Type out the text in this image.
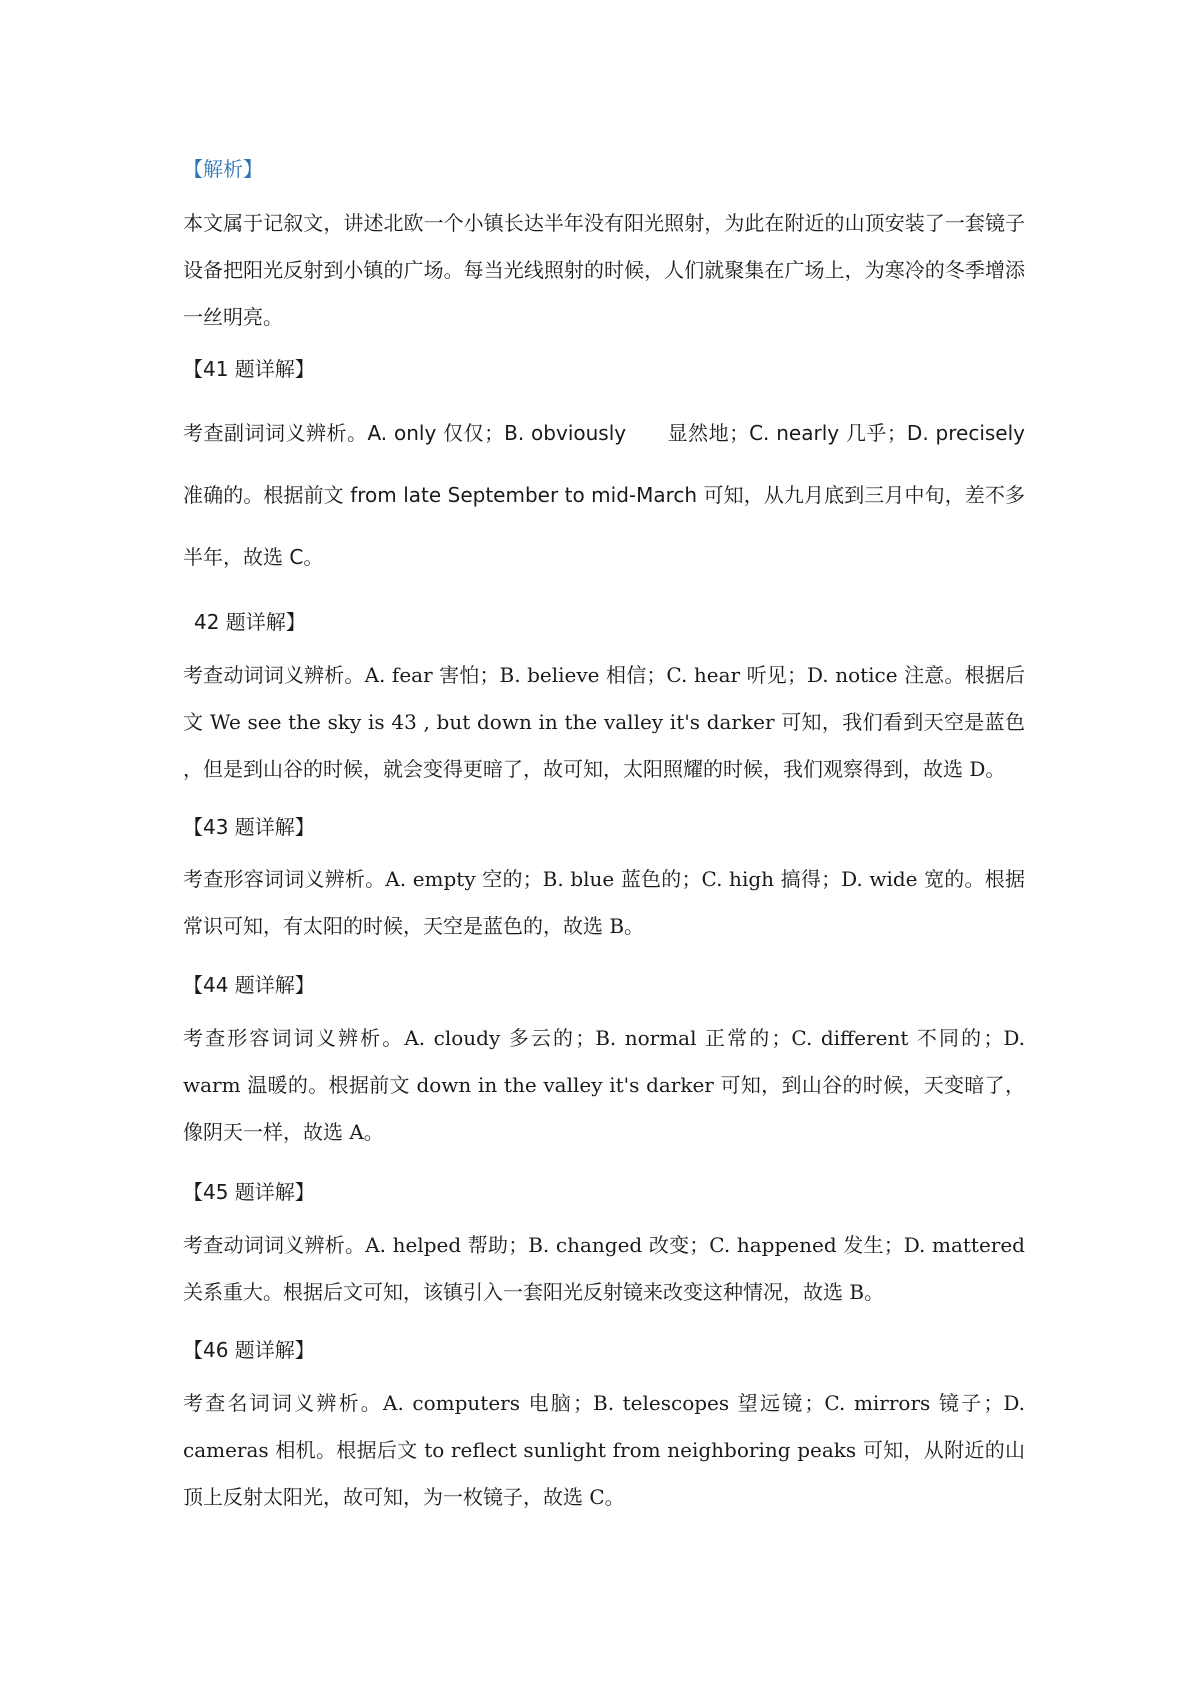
【解析】
本文属于记叙文，讲述北欧一个小镇长达半年没有阳光照射，为此在附近的山顶安装了一套镜子设备把阳光反射到小镇的广场。每当光线照射的时候，人们就聚集在广场上，为寒冷的冬季增添一丝明亮。
【41 题详解】
考查副词词义辨析。A. only 仅仅；B. obviously　　显然地；C. nearly 几乎；D. precisely 准确的。根据前文 from late September to mid-March 可知，从九月底到三月中旬，差不多半年，故选 C。
42 题详解】
考查动词词义辨析。A. fear 害怕；B. believe 相信；C. hear 听见；D. notice 注意。根据后文 We see the sky is 43 , but down in the valley it's darker 可知，我们看到天空是蓝色 ，但是到山谷的时候，就会变得更暗了，故可知，太阳照耀的时候，我们观察得到，故选 D。
【43 题详解】
考查形容词词义辨析。A. empty 空的；B. blue 蓝色的；C. high 搞得；D. wide 宽的。根据常识可知，有太阳的时候，天空是蓝色的，故选 B。
【44 题详解】
考查形容词词义辨析。A. cloudy 多云的；B. normal 正常的；C. different 不同的；D. warm 温暖的。根据前文 down in the valley it's darker 可知，到山谷的时候，天变暗了，像阴天一样，故选 A。
【45 题详解】
考查动词词义辨析。A. helped 帮助；B. changed 改变；C. happened 发生；D. mattered 关系重大。根据后文可知，该镇引入一套阳光反射镜来改变这种情况，故选 B。
【46 题详解】
考查名词词义辨析。A. computers 电脑；B. telescopes 望远镜；C. mirrors 镜子；D. cameras 相机。根据后文 to reflect sunlight from neighboring peaks 可知，从附近的山顶上反射太阳光，故可知，为一枚镜子，故选 C。
